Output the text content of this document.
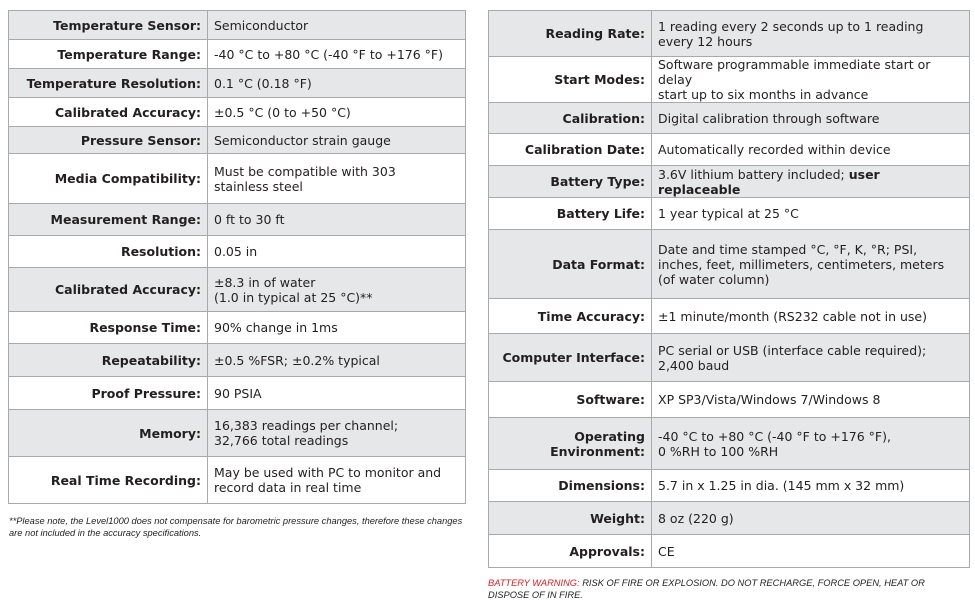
Temperature Sensor:	Semiconductor

Temperature Range:	-40 °C to +80 °C (-40 °F to +176 °F)

Temperature Resolution:	0.1 °C (0.18 °F)

Calibrated Accuracy:	±0.5 °C (0 to +50 °C)

Pressure Sensor:	Semiconductor strain gauge

Media Compatibility:	Must be compatible with 303
stainless steel

Measurement Range:	0 ft to 30 ft

Resolution:	0.05 in

Calibrated Accuracy:	±8.3 in of water
(1.0 in typical at 25 °C)**

Response Time:	90% change in 1ms

Repeatability:	±0.5 %FSR; ±0.2% typical

Proof Pressure:	90 PSIA

Memory:	16,383 readings per channel;
32,766 total readings

Real Time Recording:	May be used with PC to monitor and
record data in real time
Reading Rate:	1 reading every 2 seconds up to 1 reading
every 12 hours

Start Modes:	Software programmable immediate start or delay
start up to six months in advance

Calibration:	Digital calibration through software

Calibration Date:	Automatically recorded within device

Battery Type:	3.6V lithium battery included; user replaceable

Battery Life:	1 year typical at 25 °C

Data Format:	Date and time stamped °C, °F, K, °R; PSI,
inches, feet, millimeters, centimeters, meters
(of water column)

Time Accuracy:	±1 minute/month (RS232 cable not in use)

Computer Interface:	PC serial or USB (interface cable required);
2,400 baud

Software:	XP SP3/Vista/Windows 7/Windows 8

Operating Environment:	-40 °C to +80 °C (-40 °F to +176 °F),
0 %RH to 100 %RH

Dimensions:	5.7 in x 1.25 in dia. (145 mm x 32 mm)

Weight:	8 oz (220 g)

Approvals:	CE
**Please note, the Level1000 does not compensate for barometric pressure changes, therefore these changes are not included in the accuracy specifications.
BATTERY WARNING: RISK OF FIRE OR EXPLOSION. DO NOT RECHARGE, FORCE OPEN, HEAT OR DISPOSE OF IN FIRE.
